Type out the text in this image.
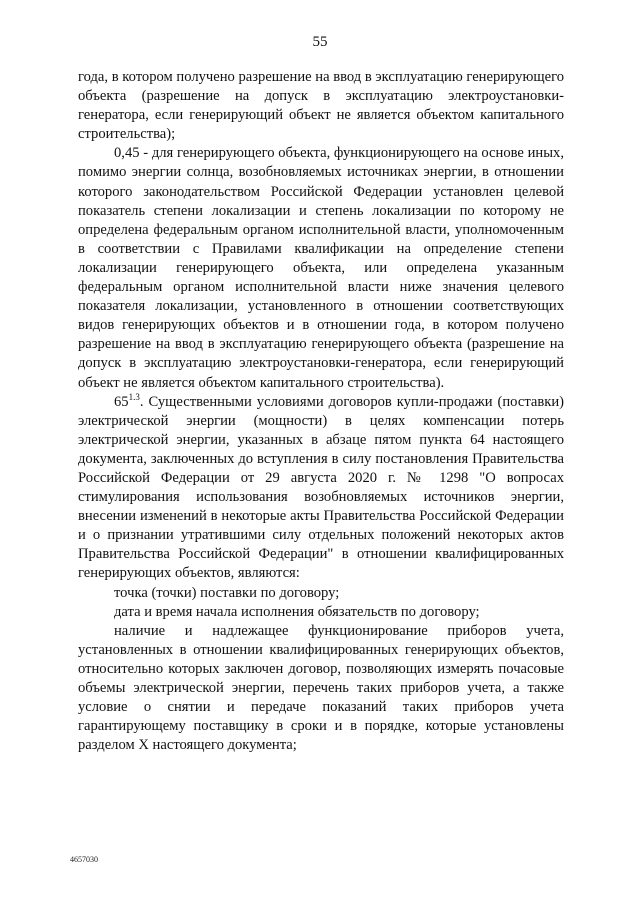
55

года, в котором получено разрешение на ввод в эксплуатацию генерирующего объекта (разрешение на допуск в эксплуатацию электроустановки-генератора, если генерирующий объект не является объектом капитального строительства);

0,45 - для генерирующего объекта, функционирующего на основе иных, помимо энергии солнца, возобновляемых источниках энергии, в отношении которого законодательством Российской Федерации установлен целевой показатель степени локализации и степень локализации по которому не определена федеральным органом исполнительной власти, уполномоченным в соответствии с Правилами квалификации на определение степени локализации генерирующего объекта, или определена указанным федеральным органом исполнительной власти ниже значения целевого показателя локализации, установленного в отношении соответствующих видов генерирующих объектов и в отношении года, в котором получено разрешение на ввод в эксплуатацию генерирующего объекта (разрешение на допуск в эксплуатацию электроустановки-генератора, если генерирующий объект не является объектом капитального строительства).

$65^{1.3}$. Существенными условиями договоров купли-продажи (поставки) электрической энергии (мощности) в целях компенсации потерь электрической энергии, указанных в абзаце пятом пункта 64 настоящего документа, заключенных до вступления в силу постановления Правительства Российской Федерации от 29 августа 2020 г. № 1298 "О вопросах стимулирования использования возобновляемых источников энергии, внесении изменений в некоторые акты Правительства Российской Федерации и о признании утратившими силу отдельных положений некоторых актов Правительства Российской Федерации" в отношении квалифицированных генерирующих объектов, являются:

точка (точки) поставки по договору;

дата и время начала исполнения обязательств по договору;

наличие и надлежащее функционирование приборов учета, установленных в отношении квалифицированных генерирующих объектов, относительно которых заключен договор, позволяющих измерять почасовые объемы электрической энергии, перечень таких приборов учета, а также условие о снятии и передаче показаний таких приборов учета гарантирующему поставщику в сроки и в порядке, которые установлены разделом X настоящего документа;

4657030
